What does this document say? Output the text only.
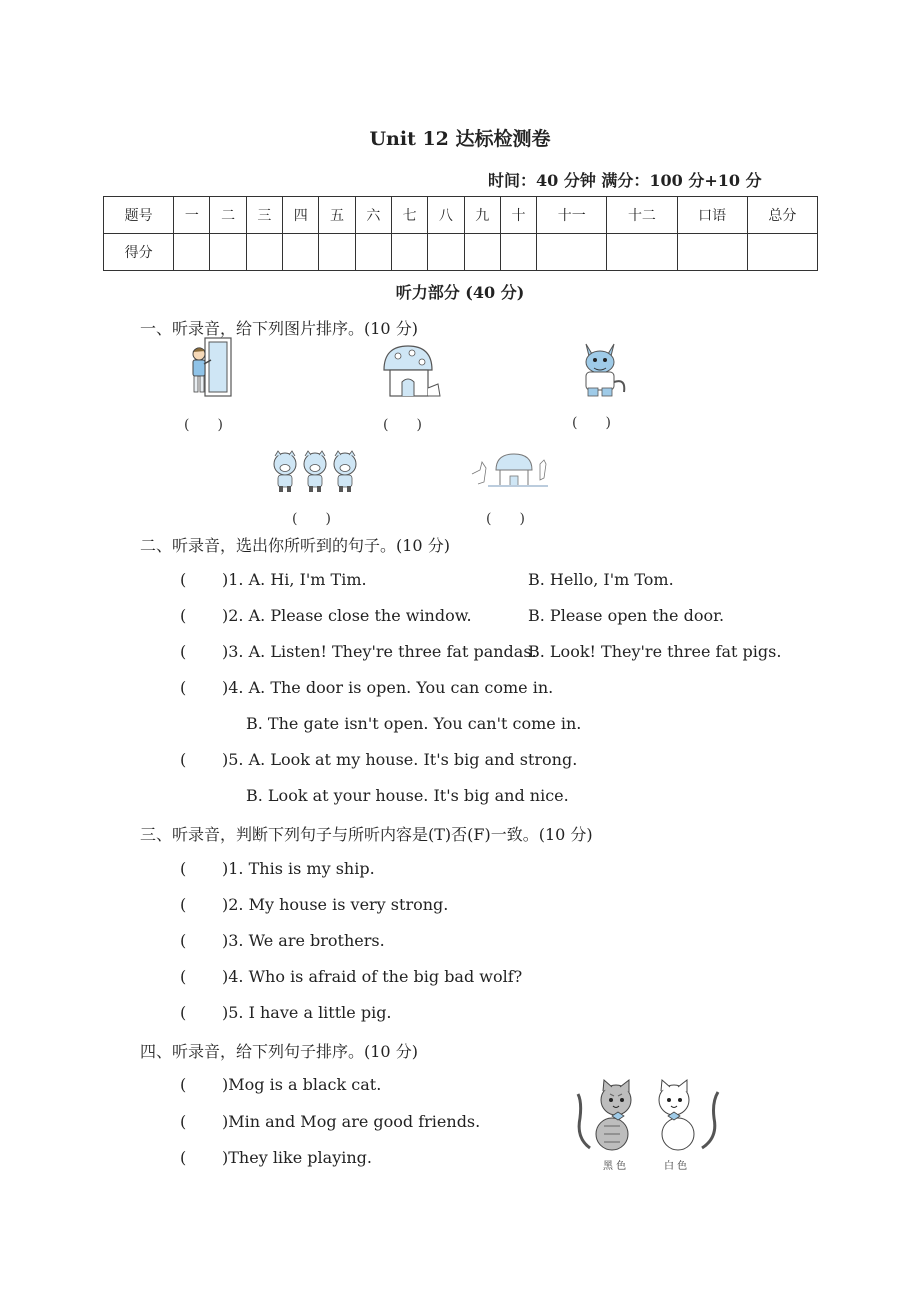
Unit 12 达标检测卷
时间：40 分钟 满分：100 分+10 分
题号	一	二	三	四	五	六	七	八	九	十	十一	十二	口语	总分
得分														
听力部分 (40 分)
一、听录音，给下列图片排序。(10 分)
(　　)	(　　)	(　　)
(　　)	(　　)
二、听录音，选出你所听到的句子。(10 分)
( )1. A. Hi, I'm Tim.	B. Hello, I'm Tom.
( )2. A. Please close the window.	B. Please open the door.
( )3. A. Listen! They're three fat pandas.
B. Look! They're three fat pigs.
( )4. A. The door is open. You can come in.
B. The gate isn't open. You can't come in.
( )5. A. Look at my house. It's big and strong.
B. Look at your house. It's big and nice.
三、听录音，判断下列句子与所听内容是(T)否(F)一致。(10 分)
( )1. This is my ship.
( )2. My house is very strong.
( )3. We are brothers.
( )4. Who is afraid of the big bad wolf?
( )5. I have a little pig.
四、听录音，给下列句子排序。(10 分)
( )Mog is a black cat.
( )Min and Mog are good friends.
( )They like playing.	黑 色	白 色
